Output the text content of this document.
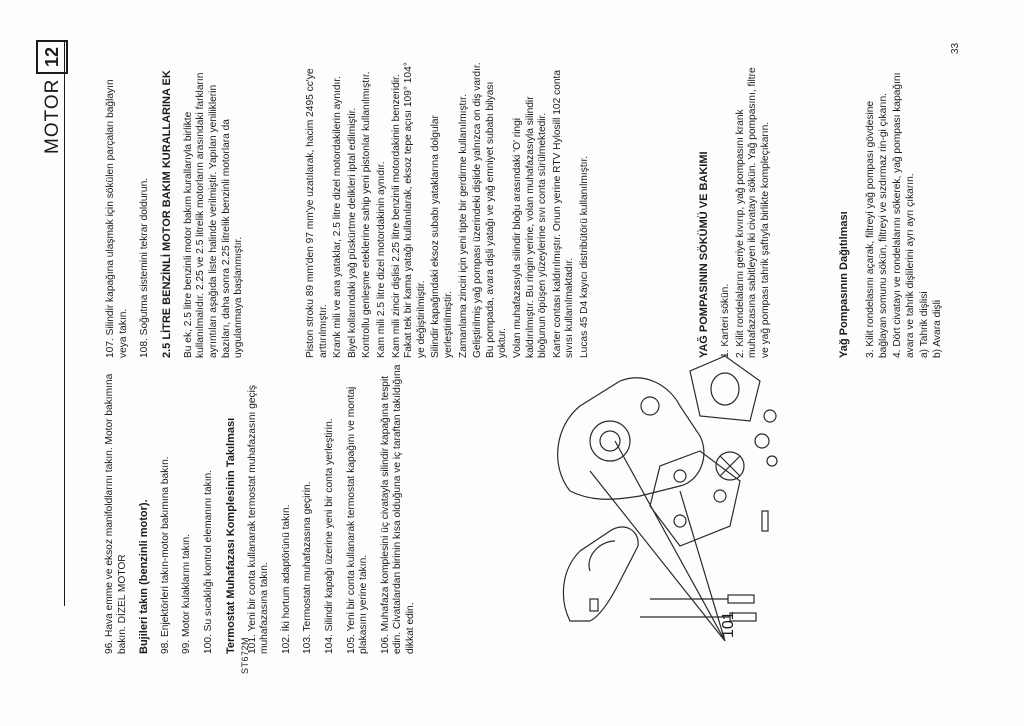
MOTOR
12

96. Hava emme ve eksoz manifoldlarını takın. Motor bakımına bakın. DİZEL MOTOR Bujileri takın (benzinli motor). 98. Enjektörleri takın-motor bakımına bakın. 99. Motor kulaklarını takın. 100. Su sıcaklığı kontrol elemanını takın. Termostat Muhafazası Komplesinin Takılması 101. Yeni bir conta kullanarak termostat muhafazasını geçiş muhafazasına takın. 102. İki hortum adaptörünü takın. 103. Termostatı muhafazasına geçirin. 104. Silindir kapağı üzerine yeni bir conta yerleştirin. 105. Yeni bir conta kullanarak termostat kapağını ve montaj plakasını yerine takın. 106. Muhafaza komplesini üç civatayla silindir kapağına tespit edin. Civatalardan birinin kısa olduğuna ve iç taraftan takıldığına dikkat edin.

107. Silindir kapağına ulaşmak için sökülen parçaları bağlayın veya takın. 108. Soğutma sistemini tekrar doldurun. 2.5 LİTRE BENZİNLİ MOTOR BAKIM KURALLARINA EK Bu ek, 2.5 litre benzinli motor bakım kurallarıyla birlikte kullanılmalıdır. 2.25 ve 2.5 litrelik motorların arasındaki farkların ayrıntıları aşağıda liste halinde verilmiştir. Yapılan yeniliklerin bazıları, daha sonra 2.25 litrelik benzinli motorlara da uygulanmaya başlanmıştır.	Piston stroku 89 mm'den 97 mm'ye uzatılarak, hacim 2495 cc'ye arttırılmıştır. Krank mili ve ana yataklar, 2.5 litre dizel motordakilerin aynıdır. Biyel kollarındaki yağ püskürtme delikleri iptal edilmiştir. Kontrollu genleşme eteklerine sahip yeni pistonlar kullanılmıştır. Kam mili 2.5 litre dizel motordakinin aynıdır. Kam mili zincir dişlisi 2.25 litre benzinli motordakinin benzeridir. Fakat tek bir kama yatağı kullanılarak, eksoz tepe açısı 109° 104° ye değiştirilmiştir. Silindir kapağındaki eksoz subabı yataklarına dolgular yerleştirilmiştir. Zamanlama zinciri için yeni tipte bir gerdirme kullanılmıştır. Geliştirilmiş yağ pompası üzerindeki dişlide yalnızca on diş vardır. Bu pompada, avara dişli yatağı ve yağ emniyet subabı bilyası yoktur. Volan muhafazasıyla silindir bloğu arasındaki 'O' ringi kaldırılmıştır. Bu ringin yerine, volan muhafazasıyla silindir bloğunun öpüşen yüzeylerine sıvı conta sürülmektedir. Karter contası kaldırılmıştır. Onun yerine RTV Hylosill 102 conta sıvısı kullanılmaktadır. Lucas 45 D4 kayıcı distribütörü kullanılmıştır.	YAĞ POMPASININ SÖKÜMÜ VE BAKIMI 1. Karteri sökün. 2. Kilit rondelalarını geriye kıvırıp, yağ pompasını krank muhafazasına sabitleyen iki civatayı sökün. Yağ pompasını, filtre ve yağ pompası tahrik şaftıyla birlikte kompleçıkarın.	Yağ Pompasının Dağıtılması 3. Kilit rondelasını açarak, filtreyi yağ pompası gövdesine bağlayan somunu sökün, filtreyi ve sızdırmaz rin-gi çıkarın. 4. Dört civatayı ve rondelalarını sökerek, yağ pompası kapağını avara ve tahrik dişlilerini ayrı ayrı çıkarın. a) Tahrik dişlisi b) Avara dişli

33
ST672M
101
